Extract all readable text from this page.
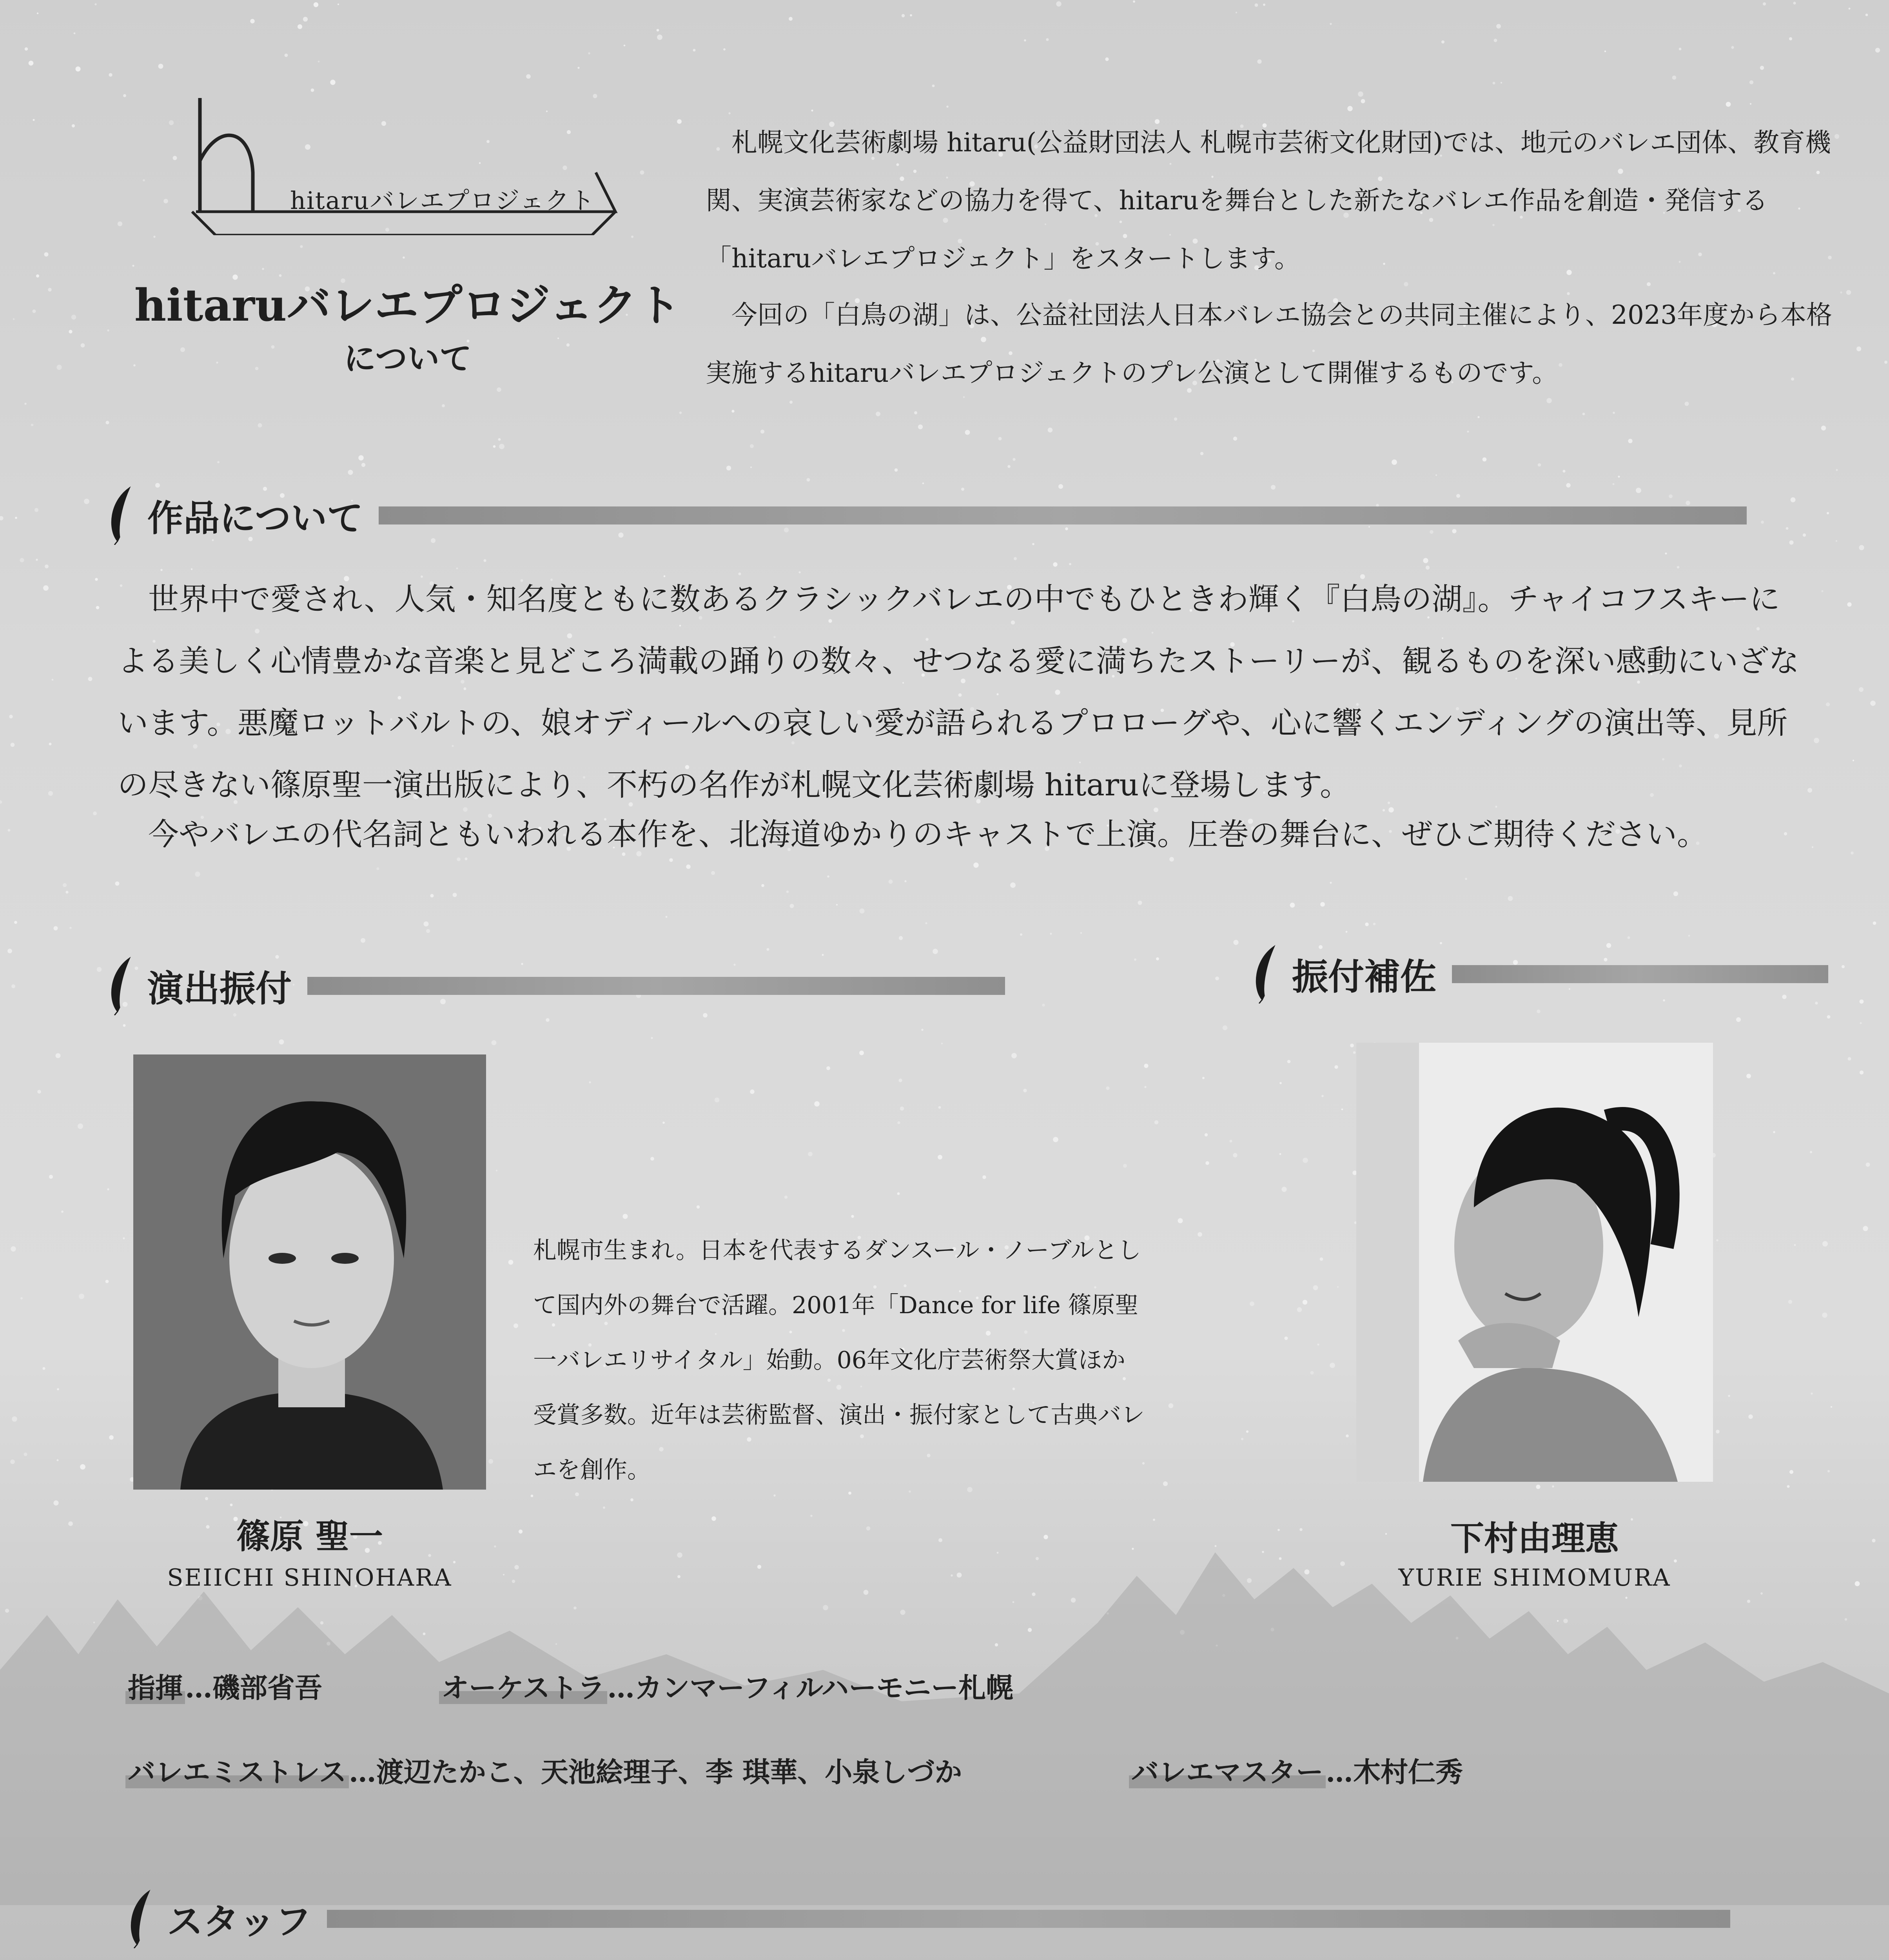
hitaruバレエプロジェクト
hitaruバレエプロジェクト
について

札幌文化芸術劇場 hitaru(公益財団法人 札幌市芸術文化財団)では、地元のバレエ団体、教育機関、実演芸術家などの協力を得て、hitaruを舞台とした新たなバレエ作品を創造・発信する「hitaruバレエプロジェクト」をスタートします。

今回の「白鳥の湖」は、公益社団法人日本バレエ協会との共同主催により、2023年度から本格実施するhitaruバレエプロジェクトのプレ公演として開催するものです。

作品について

世界中で愛され、人気・知名度ともに数あるクラシックバレエの中でもひときわ輝く『白鳥の湖』。チャイコフスキーによる美しく心情豊かな音楽と見どころ満載の踊りの数々、せつなる愛に満ちたストーリーが、観るものを深い感動にいざないます。悪魔ロットバルトの、娘オディールへの哀しい愛が語られるプロローグや、心に響くエンディングの演出等、見所の尽きない篠原聖一演出版により、不朽の名作が札幌文化芸術劇場 hitaruに登場します。

今やバレエの代名詞ともいわれる本作を、北海道ゆかりのキャストで上演。圧巻の舞台に、ぜひご期待ください。

演出振付	振付補佐

札幌市生まれ。日本を代表するダンスール・ノーブルとして国内外の舞台で活躍。2001年「Dance for life 篠原聖一バレエリサイタル」始動。06年文化庁芸術祭大賞ほか受賞多数。近年は芸術監督、演出・振付家として古典バレエを創作。

篠原 聖一
SEIICHI SHINOHARA
下村由理恵
YURIE SHIMOMURA
指揮…磯部省吾	オーケストラ…カンマーフィルハーモニー札幌
バレエミストレス…渡辺たかこ、天池絵理子、李 琪華、小泉しづか	バレエマスター…木村仁秀
スタッフ
